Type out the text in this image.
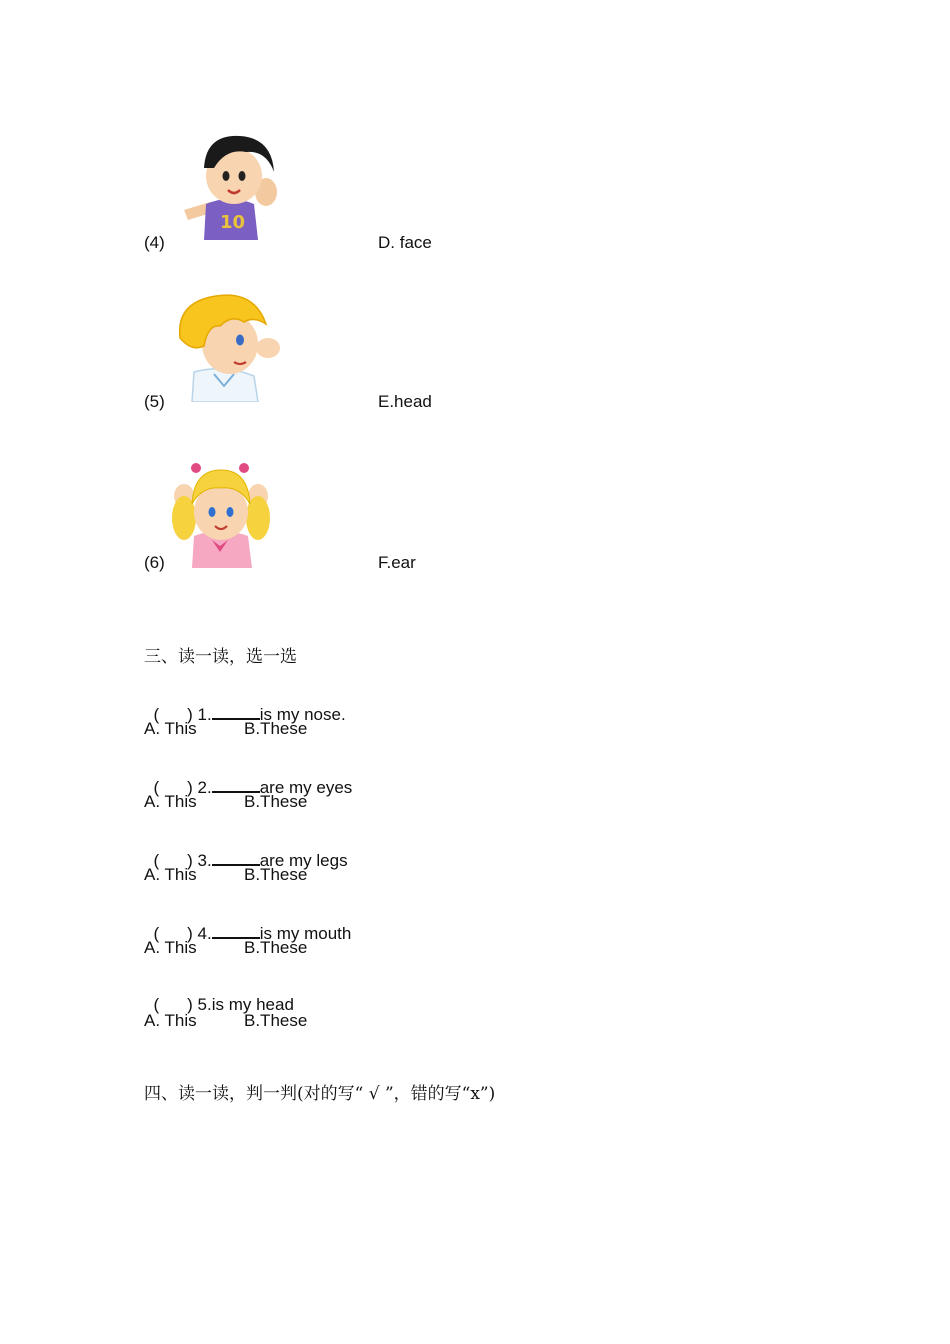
10
(4)	D. face
(5)	E.head
(6)	F.ear
三、读一读，选一选

( ) 1.	is my nose.

A. This	B.These

( ) 2.	are my eyes

A. This	B.These

( ) 3.	are my legs

A. This	B.These

( ) 4.	is my mouth

A. This	B.These

( ) 5.is my head

A. This	B.These
四、读一读，判一判(对的写“ √ ”，错的写“x”)
